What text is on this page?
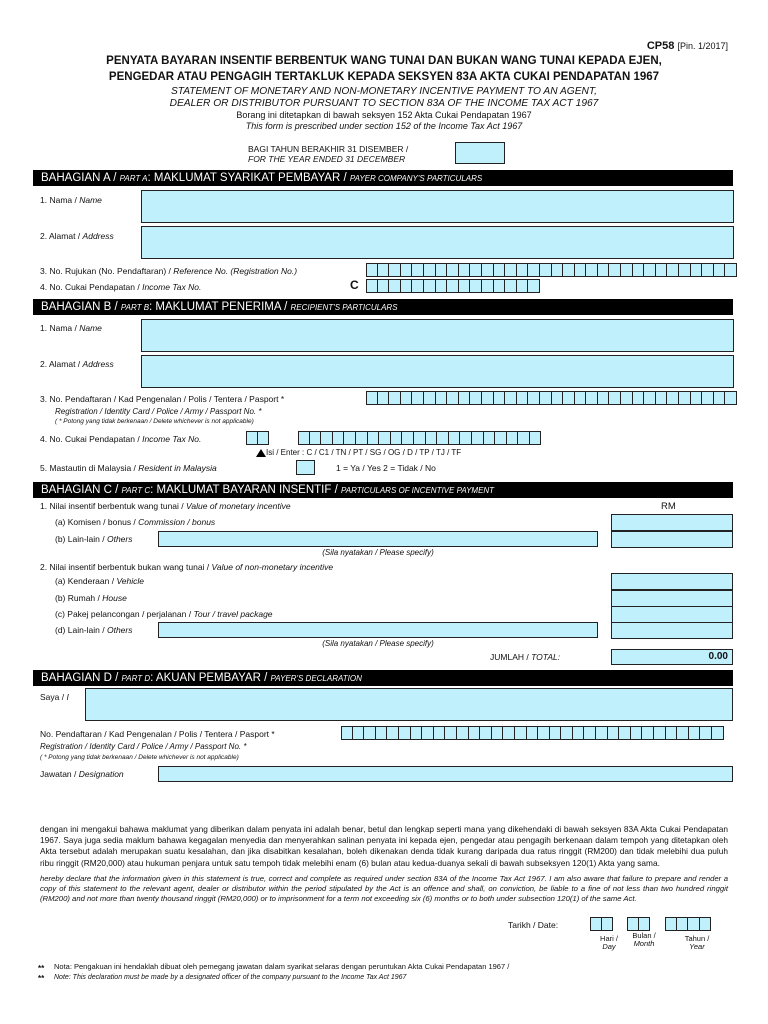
CP58 [Pin. 1/2017]
PENYATA BAYARAN INSENTIF BERBENTUK WANG TUNAI DAN BUKAN WANG TUNAI KEPADA EJEN,
PENGEDAR ATAU PENGAGIH TERTAKLUK KEPADA SEKSYEN 83A AKTA CUKAI PENDAPATAN 1967
STATEMENT OF MONETARY AND NON-MONETARY INCENTIVE PAYMENT TO AN AGENT,
DEALER OR DISTRIBUTOR PURSUANT TO SECTION 83A OF THE INCOME TAX ACT 1967
Borang ini ditetapkan di bawah seksyen 152 Akta Cukai Pendapatan 1967
This form is prescribed under section 152 of the Income Tax Act 1967
BAGI TAHUN BERAKHIR 31 DISEMBER /
FOR THE YEAR ENDED 31 DECEMBER
BAHAGIAN A / PART A: MAKLUMAT SYARIKAT PEMBAYAR / PAYER COMPANY'S PARTICULARS
1. Nama / Name
2. Alamat / Address
3. No. Rujukan (No. Pendaftaran) / Reference No. (Registration No.)
4. No. Cukai Pendapatan / Income Tax No.	C
BAHAGIAN B / PART B: MAKLUMAT PENERIMA / RECIPIENT'S PARTICULARS
1. Nama / Name
2. Alamat / Address
3. No. Pendaftaran / Kad Pengenalan / Polis / Tentera / Pasport *
Registration / Identity Card / Police / Army / Passport No. *
( * Potong yang tidak berkenaan / Delete whichever is not applicable)
4. No. Cukai Pendapatan / Income Tax No.
Isi / Enter : C / C1 / TN / PT / SG / OG / D / TP / TJ / TF
5. Mastautin di Malaysia / Resident in Malaysia	1 = Ya / Yes 2 = Tidak / No
BAHAGIAN C / PART C: MAKLUMAT BAYARAN INSENTIF / PARTICULARS OF INCENTIVE PAYMENT
1. Nilai insentif berbentuk wang tunai / Value of monetary incentive	RM
(a) Komisen / bonus / Commission / bonus
(b) Lain-lain / Others
(Sila nyatakan / Please specify)
2. Nilai insentif berbentuk bukan wang tunai / Value of non-monetary incentive
(a) Kenderaan / Vehicle
(b) Rumah / House
(c) Pakej pelancongan / perjalanan / Tour / travel package
(d) Lain-lain / Others
(Sila nyatakan / Please specify)
JUMLAH / TOTAL:	0.00
BAHAGIAN D / PART D: AKUAN PEMBAYAR / PAYER'S DECLARATION
Saya / I
No. Pendaftaran / Kad Pengenalan / Polis / Tentera / Pasport *
Registration / Identity Card / Police / Army / Passport No. *
( * Potong yang tidak berkenaan / Delete whichever is not applicable)
Jawatan / Designation
dengan ini mengakui bahawa maklumat yang diberikan dalam penyata ini adalah benar, betul dan lengkap seperti mana yang dikehendaki di bawah seksyen 83A Akta Cukai Pendapatan 1967. Saya juga sedia maklum bahawa kegagalan menyedia dan menyerahkan salinan penyata ini kepada ejen, pengedar atau pengagih berkenaan dalam tempoh yang ditetapkan oleh Akta tersebut adalah merupakan suatu kesalahan, dan jika disabitkan kesalahan, boleh dikenakan denda tidak kurang daripada dua ratus ringgit (RM200) dan tidak melebihi dua puluh ribu ringgit (RM20,000) atau hukuman penjara untuk satu tempoh tidak melebihi enam (6) bulan atau kedua-duanya sekali di bawah subseksyen 120(1) Akta yang sama.
hereby declare that the information given in this statement is true, correct and complete as required under section 83A of the Income Tax Act 1967. I am also aware that failure to prepare and render a copy of this statement to the relevant agent, dealer or distributor within the period stipulated by the Act is an offence and shall, on conviction, be liable to a fine of not less than two hundred ringgit (RM200) and not more than twenty thousand ringgit (RM20,000) or to imprisonment for a term not exceeding six (6) months or to both under subsection 120(1) of the same Act.
Tarikh / Date:
Hari /
Day
Bulan /
Month
Tahun /
Year
** Nota: Pengakuan ini hendaklah dibuat oleh pemegang jawatan dalam syarikat selaras dengan peruntukan Akta Cukai Pendapatan 1967 /
** Note: This declaration must be made by a designated officer of the company pursuant to the Income Tax Act 1967
